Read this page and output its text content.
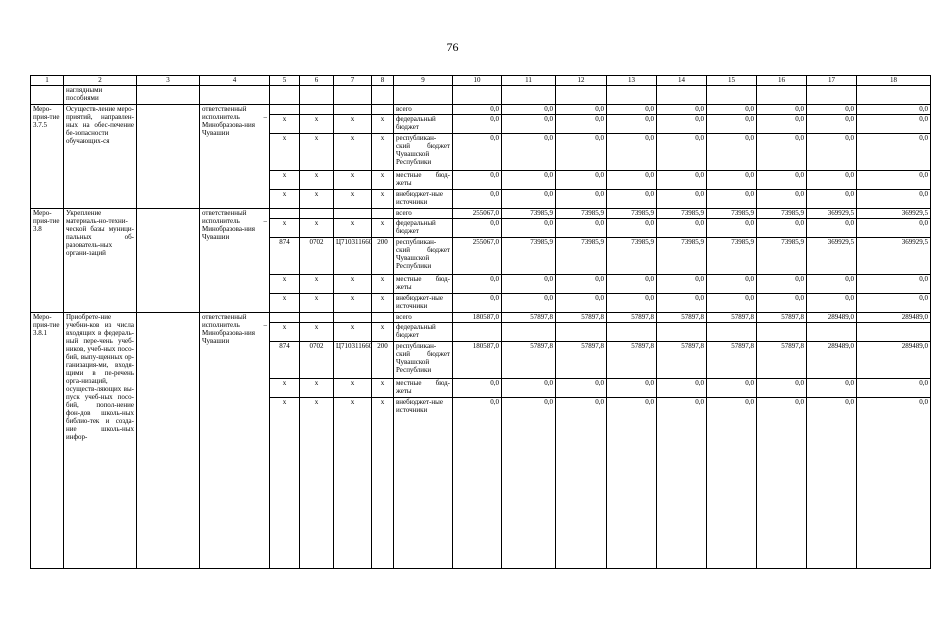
76
1	2	3	4	5	6	7	8	9	10	11	12	13	14	15	16	17	18
	наглядными пособиями																
Меро-прия-тие 3.7.5	Осуществ-ление меро-приятий, направлен-ных на обес-печение бе-зопасности обучающих-ся		ответственный исполнитель – Минобразова-ния Чувашии					всего	0,0	0,0	0,0	0,0	0,0	0,0	0,0	0,0	0,0
				x	x	x	x	федеральный бюджет	0,0	0,0	0,0	0,0	0,0	0,0	0,0	0,0	0,0
				x	x	x	x	республикан-ский бюджет Чувашской Республики	0,0	0,0	0,0	0,0	0,0	0,0	0,0	0,0	0,0
				x	x	x	x	местные бюд-жеты	0,0	0,0	0,0	0,0	0,0	0,0	0,0	0,0	0,0
				x	x	x	x	внебюджет-ные источники	0,0	0,0	0,0	0,0	0,0	0,0	0,0	0,0	0,0
Меро-прия-тие 3.8	Укрепление материаль-но-техни-ческой базы муници-пальных об-разователь-ных органи-заций		ответственный исполнитель – Минобразова-ния Чувашии					всего	255067,0	73985,9	73985,9	73985,9	73985,9	73985,9	73985,9	369929,5	369929,5
				x	x	x	x	федеральный бюджет	0,0	0,0	0,0	0,0	0,0	0,0	0,0	0,0	0,0
				874	0702	Ц710311660	200	республикан-ский бюджет Чувашской Республики	255067,0	73985,9	73985,9	73985,9	73985,9	73985,9	73985,9	369929,5	369929,5
				x	x	x	x	местные бюд-жеты	0,0	0,0	0,0	0,0	0,0	0,0	0,0	0,0	0,0
				x	x	x	x	внебюджет-ные источники	0,0	0,0	0,0	0,0	0,0	0,0	0,0	0,0	0,0
Меро-прия-тие 3.8.1	Приобрете-ние учебни-ков из числа входящих в федераль-ный пере-чень учеб-ников, учеб-ных посо-бий, выпу-щенных ор-ганизация-ми, входя-щими в пе-речень орга-низаций, осуществ-ляющих вы-пуск учеб-ных посо-бий, попол-нение фон-дов школь-ных библио-тек и созда-ние школь-ных инфор-		ответственный исполнитель – Минобразова-ния Чувашии					всего	180587,0	57897,8	57897,8	57897,8	57897,8	57897,8	57897,8	289489,0	289489,0
				x	x	x	x	федеральный бюджет									
				874	0702	Ц710311660	200	республикан-ский бюджет Чувашской Республики	180587,0	57897,8	57897,8	57897,8	57897,8	57897,8	57897,8	289489,0	289489,0
				x	x	x	x	местные бюд-жеты	0,0	0,0	0,0	0,0	0,0	0,0	0,0	0,0	0,0
				x	x	x	x	внебюджет-ные источники	0,0	0,0	0,0	0,0	0,0	0,0	0,0	0,0	0,0
